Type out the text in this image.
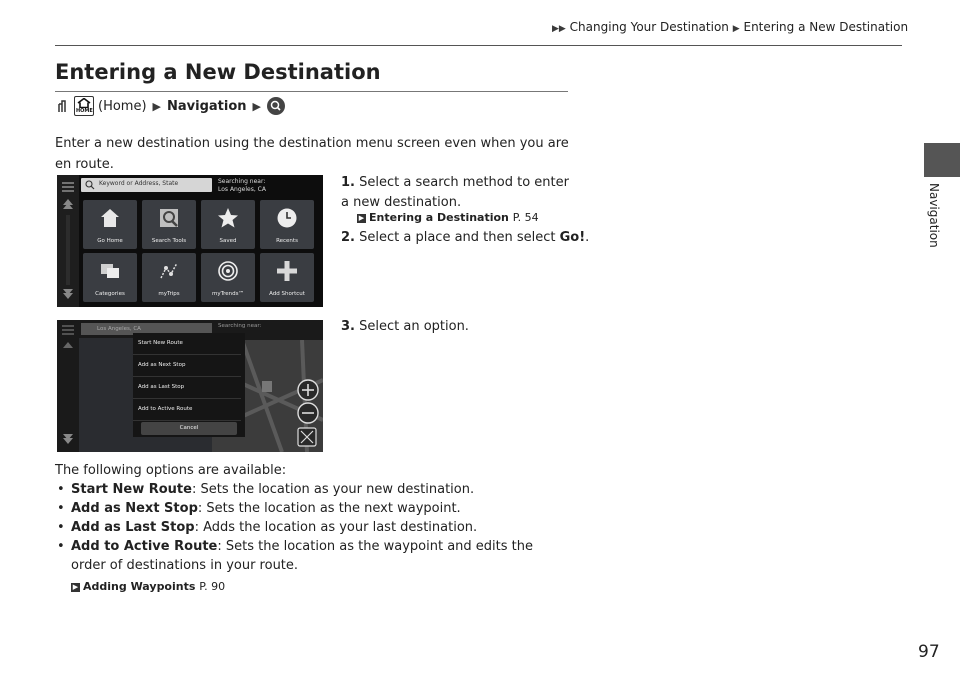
▶▶ Changing Your Destination ▶ Entering a New Destination
Navigation
Entering a New Destination
HOME (Home) ▶ Navigation ▶
Enter a new destination using the destination menu screen even when you are en route.
Keyword or Address, State	Searching near:
Los Angeles, CA
Go Home	Search Tools	Saved	Recents
Categories	myTrips	myTrends™	Add Shortcut
1. Select a search method to enter a new destination.
▶ Entering a Destination P. 54
2. Select a place and then select Go!.
Los Angeles, CA	Searching near:
Start New Route
Add as Next Stop
Add as Last Stop
Add to Active Route
Cancel
3. Select an option.
The following options are available:
• Start New Route: Sets the location as your new destination.
• Add as Next Stop: Sets the location as the next waypoint.
• Add as Last Stop: Adds the location as your last destination.
• Add to Active Route: Sets the location as the waypoint and edits the order of destinations in your route.
▶ Adding Waypoints P. 90
97
